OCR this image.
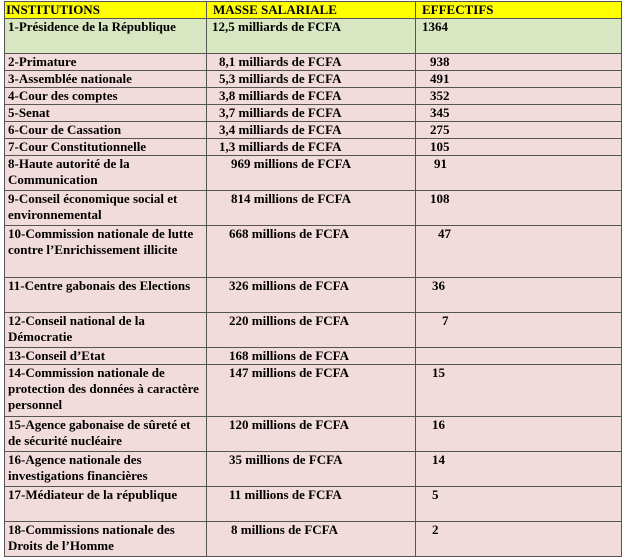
INSTITUTIONS	MASSE SALARIALE	EFFECTIFS
1-Présidence de la République	12,5 milliards de FCFA	1364
2-Primature	8,1 milliards de FCFA	938
3-Assemblée nationale	5,3 milliards de FCFA	491
4-Cour des comptes	3,8 milliards de FCFA	352
5-Senat	3,7 milliards de FCFA	345
6-Cour de Cassation	3,4 milliards de FCFA	275
7-Cour Constitutionnelle	1,3 milliards de FCFA	105
8-Haute autorité de la Communication	969 millions de FCFA	91
9-Conseil économique social et environnemental	814 millions de FCFA	108
10-Commission nationale de lutte contre l’Enrichissement illicite	668 millions de FCFA	47
11-Centre gabonais des Elections	326 millions de FCFA	36
12-Conseil national de la Démocratie	220 millions de FCFA	7
13-Conseil d’Etat	168 millions de FCFA	
14-Commission nationale de protection des données à caractère personnel	147 millions de FCFA	15
15-Agence gabonaise de sûreté et de sécurité nucléaire	120 millions de FCFA	16
16-Agence nationale des investigations financières	35 millions de FCFA	14
17-Médiateur de la république	11 millions de FCFA	5
18-Commissions nationale des Droits de l’Homme	8 millions de FCFA	2
